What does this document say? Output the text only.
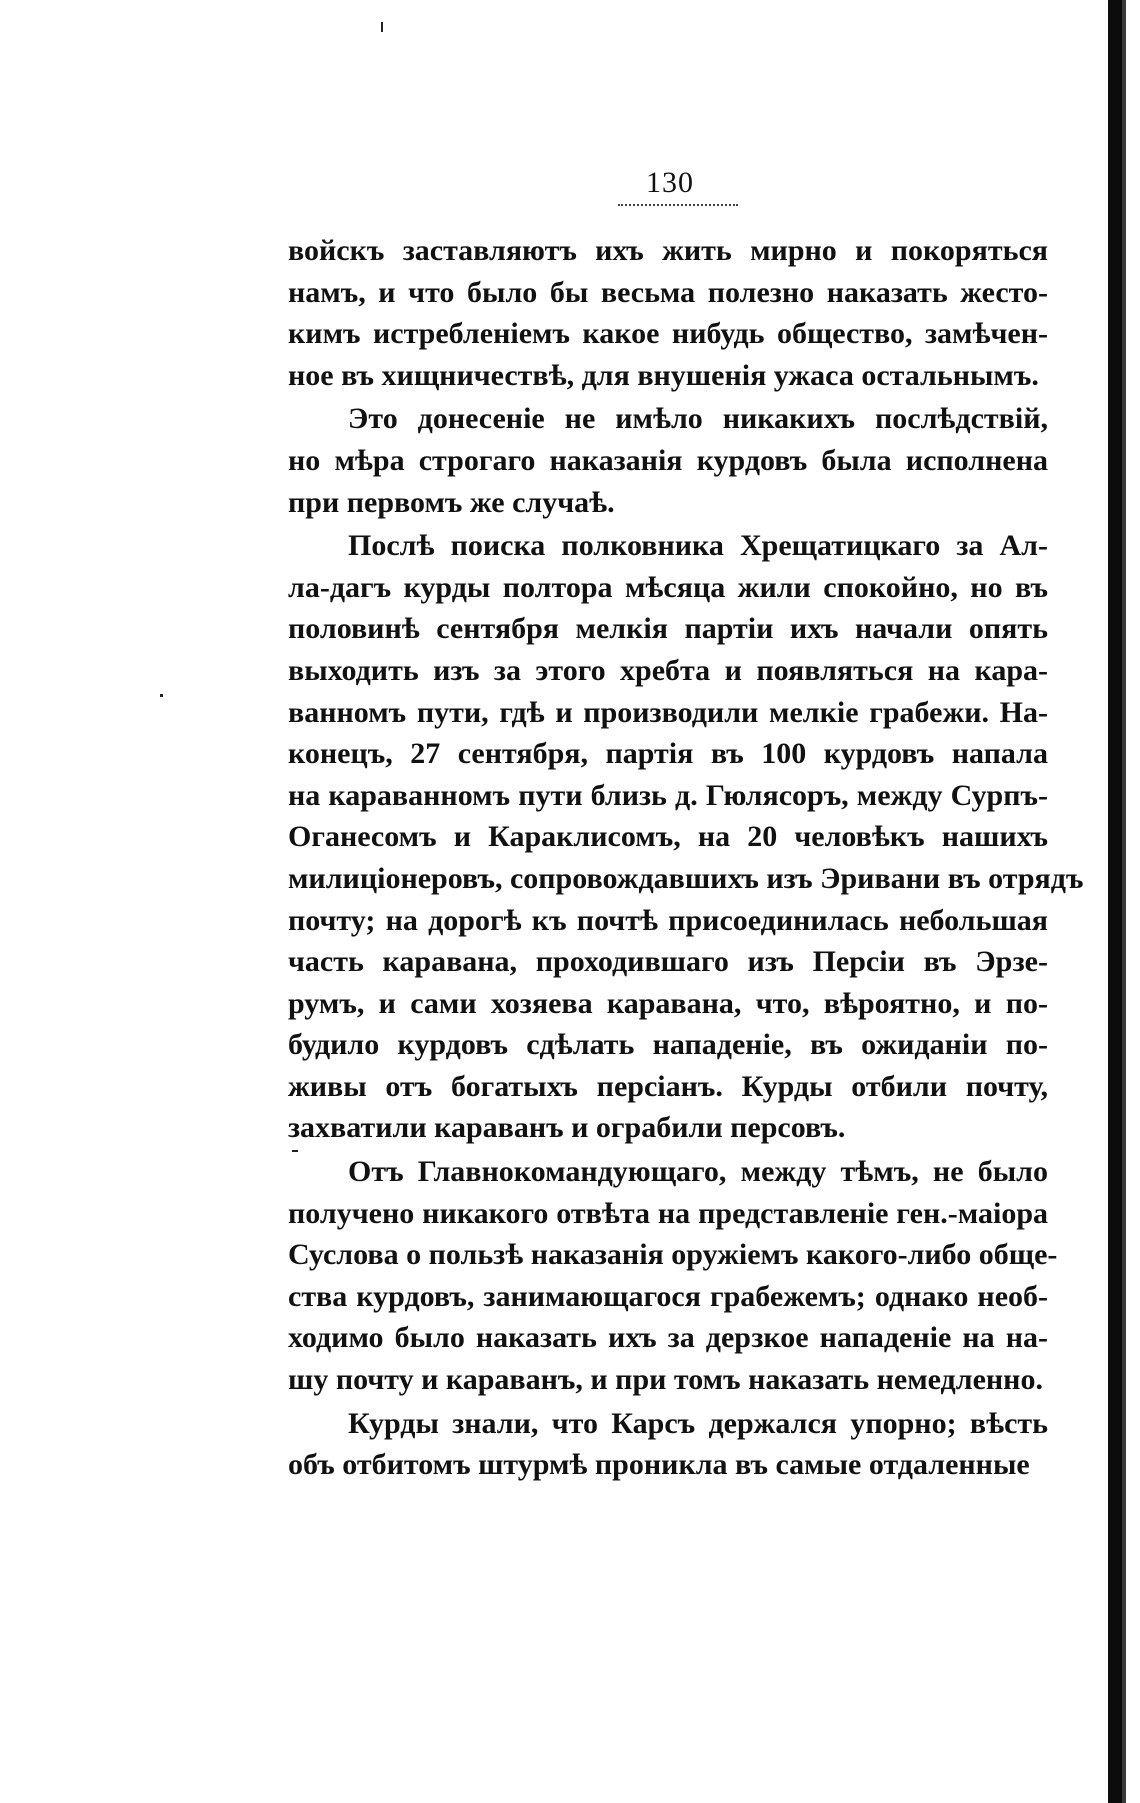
130
войскъ заставляютъ ихъ жить мирно и покоряться
намъ, и что было бы весьма полезно наказать жесто-
кимъ истребленіемъ какое нибудь общество, замѣчен-
ное въ хищничествѣ, для внушенія ужаса остальнымъ.
Это донесеніе не имѣло никакихъ послѣдствій,
но мѣра строгаго наказанія курдовъ была исполнена
при первомъ же случаѣ.
Послѣ поиска полковника Хрещатицкаго за Ал-
ла-дагъ курды полтора мѣсяца жили спокойно, но въ
половинѣ сентября мелкія партіи ихъ начали опять
выходить изъ за этого хребта и появляться на кара-
ванномъ пути, гдѣ и производили мелкіе грабежи. На-
конецъ, 27 сентября, партія въ 100 курдовъ напала
на караванномъ пути близь д. Гюлясоръ, между Сурпъ-
Оганесомъ и Караклисомъ, на 20 человѣкъ нашихъ
милиціонеровъ, сопровождавшихъ изъ Эривани въ отрядъ
почту; на дорогѣ къ почтѣ присоединилась небольшая
часть каравана, проходившаго изъ Персіи въ Эрзе-
румъ, и сами хозяева каравана, что, вѣроятно, и по-
будило курдовъ сдѣлать нападеніе, въ ожиданіи по-
живы отъ богатыхъ персіанъ. Курды отбили почту,
захватили караванъ и ограбили персовъ.
Отъ Главнокомандующаго, между тѣмъ, не было
получено никакого отвѣта на представленіе ген.-маіора
Суслова о пользѣ наказанія оружіемъ какого-либо обще-
ства курдовъ, занимающагося грабежемъ; однако необ-
ходимо было наказать ихъ за дерзкое нападеніе на на-
шу почту и караванъ, и при томъ наказать немедленно.
Курды знали, что Карсъ держался упорно; вѣсть
объ отбитомъ штурмѣ проникла въ самые отдаленные
